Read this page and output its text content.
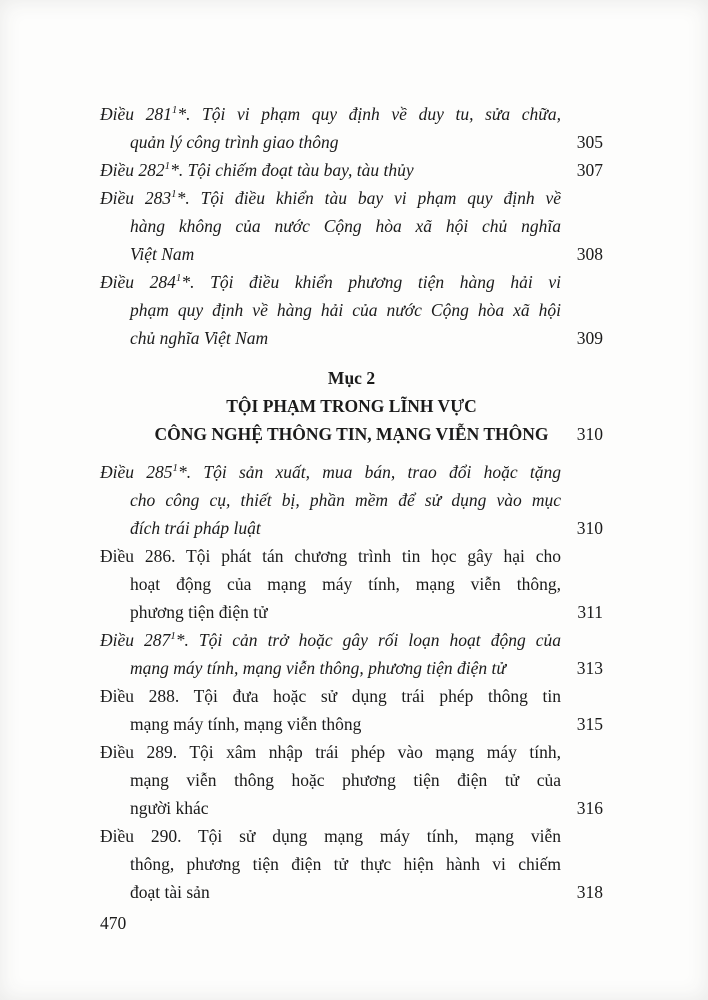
Điều $281^1*$. Tội vi phạm quy định về duy tu, sửa chữa,
quản lý công trình giao thông	305
Điều $282^1*$. Tội chiếm đoạt tàu bay, tàu thủy	307
Điều $283^1*$. Tội điều khiển tàu bay vi phạm quy định về
hàng không của nước Cộng hòa xã hội chủ nghĩa
Việt Nam	308
Điều $284^1*$. Tội điều khiển phương tiện hàng hải vi
phạm quy định về hàng hải của nước Cộng hòa xã hội
chủ nghĩa Việt Nam	309
Mục 2
TỘI PHẠM TRONG LĨNH VỰC
CÔNG NGHỆ THÔNG TIN, MẠNG VIỄN THÔNG 310
Điều $285^1*$. Tội sản xuất, mua bán, trao đổi hoặc tặng
cho công cụ, thiết bị, phần mềm để sử dụng vào mục
đích trái pháp luật	310
Điều 286. Tội phát tán chương trình tin học gây hại cho
hoạt động của mạng máy tính, mạng viễn thông,
phương tiện điện tử	311
Điều $287^1*$. Tội cản trở hoặc gây rối loạn hoạt động của
mạng máy tính, mạng viễn thông, phương tiện điện tử	313
Điều 288. Tội đưa hoặc sử dụng trái phép thông tin
mạng máy tính, mạng viễn thông	315
Điều 289. Tội xâm nhập trái phép vào mạng máy tính,
mạng viễn thông hoặc phương tiện điện tử của
người khác	316
Điều 290. Tội sử dụng mạng máy tính, mạng viễn
thông, phương tiện điện tử thực hiện hành vi chiếm
đoạt tài sản	318
470
